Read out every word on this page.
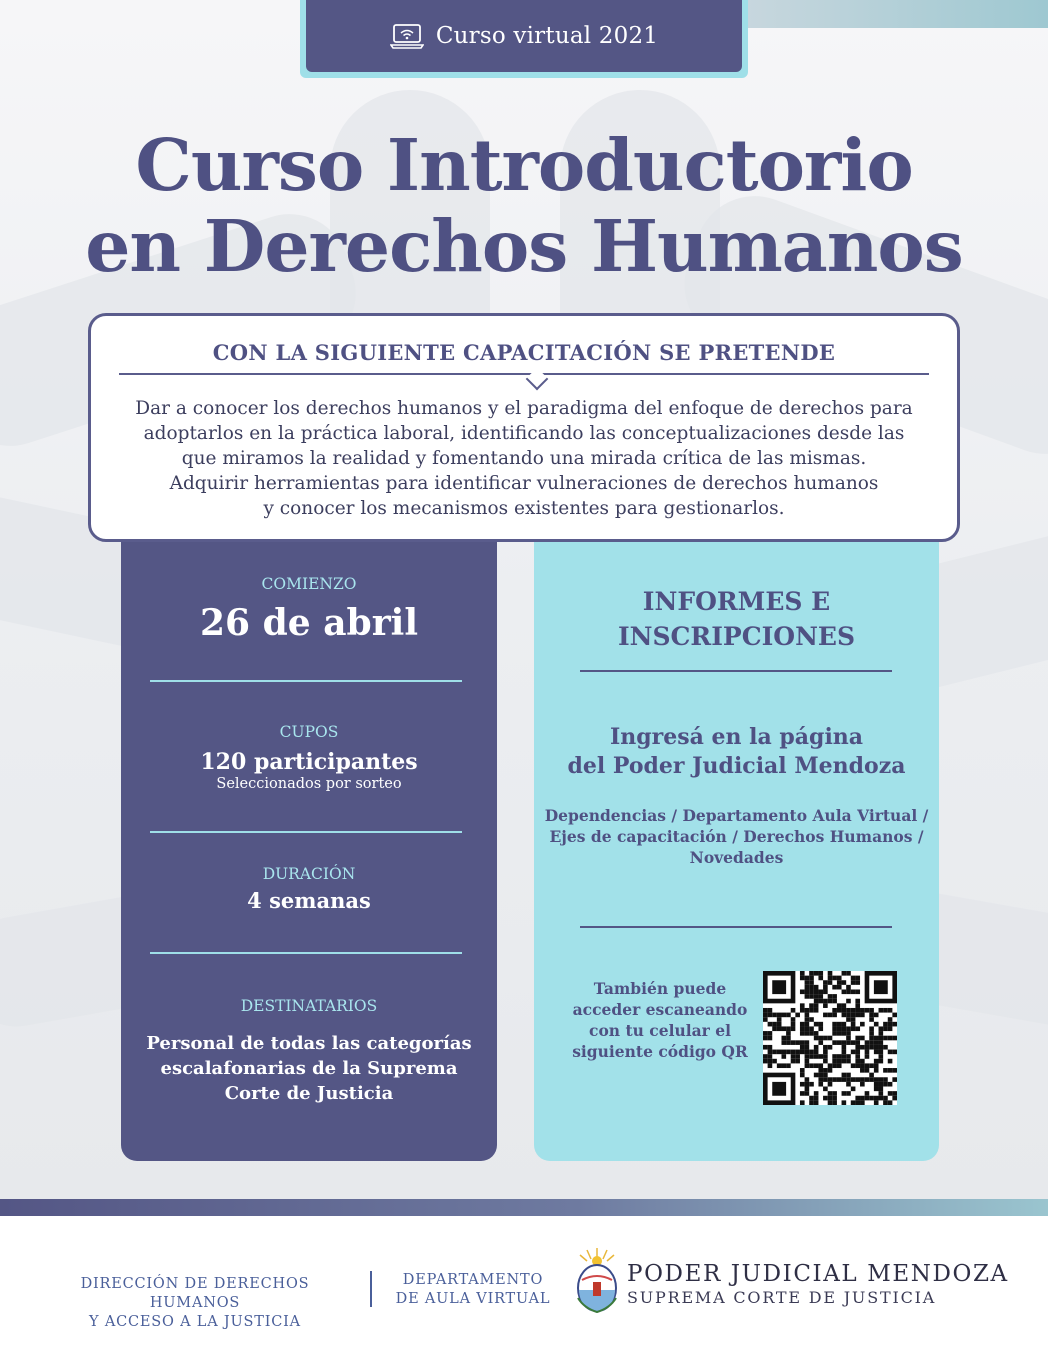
Curso virtual 2021
Curso Introductorio
en Derechos Humanos
CON LA SIGUIENTE CAPACITACIÓN SE PRETENDE
Dar a conocer los derechos humanos y el paradigma del enfoque de derechos para
adoptarlos en la práctica laboral, identificando las conceptualizaciones desde las
que miramos la realidad y fomentando una mirada crítica de las mismas.
Adquirir herramientas para identificar vulneraciones de derechos humanos
y conocer los mecanismos existentes para gestionarlos.
COMIENZO
26 de abril
CUPOS
120 participantes
Seleccionados por sorteo
DURACIÓN
4 semanas
DESTINATARIOS
Personal de todas las categorías
escalafonarias de la Suprema
Corte de Justicia
INFORMES E
INSCRIPCIONES
Ingresá en la página
del Poder Judicial Mendoza
Dependencias / Departamento Aula Virtual /
Ejes de capacitación / Derechos Humanos /
Novedades
También puede
acceder escaneando
con tu celular el
siguiente código QR
DIRECCIÓN DE DERECHOS HUMANOS
Y ACCESO A LA JUSTICIA
DEPARTAMENTO
DE AULA VIRTUAL
PODER JUDICIAL MENDOZA
SUPREMA CORTE DE JUSTICIA
